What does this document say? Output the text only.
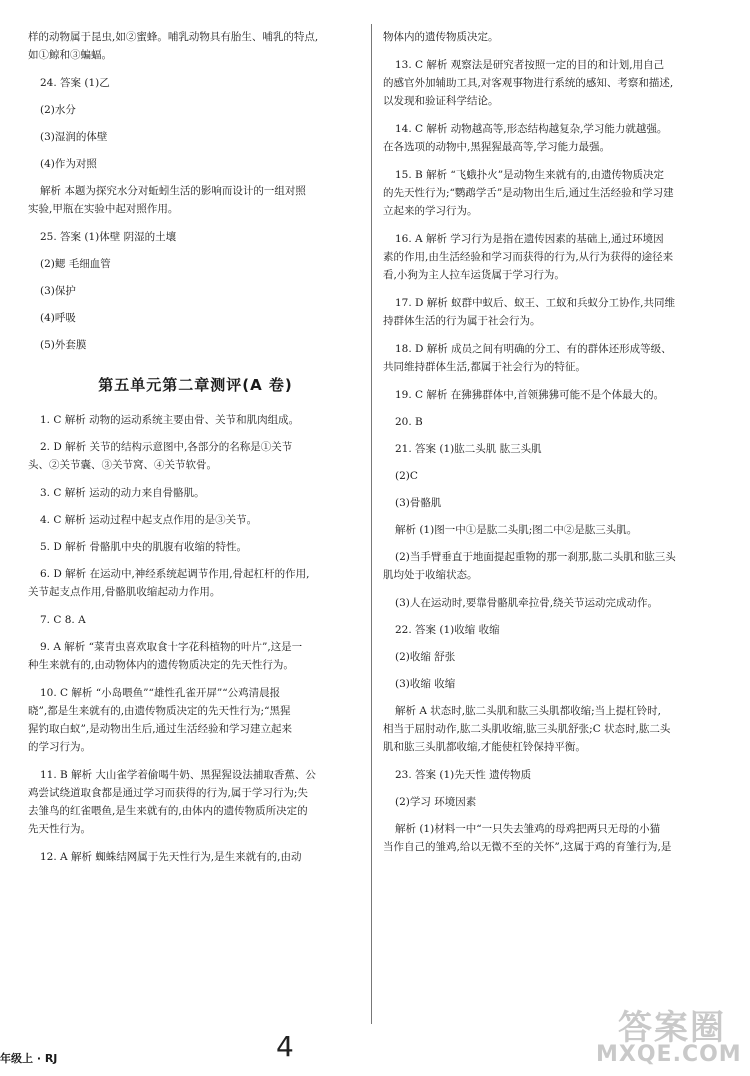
样的动物属于昆虫,如②蜜蜂。哺乳动物具有胎生、哺乳的特点,
如①鲸和③蝙蝠。
24. 答案 (1)乙
(2)水分
(3)湿润的体壁
(4)作为对照
解析 本题为探究水分对蚯蚓生活的影响而设计的一组对照
实验,甲瓶在实验中起对照作用。
25. 答案 (1)体壁 阴湿的土壤
(2)鳃 毛细血管
(3)保护
(4)呼吸
(5)外套膜
第五单元第二章测评(A 卷)
1. C 解析 动物的运动系统主要由骨、关节和肌肉组成。
2. D 解析 关节的结构示意图中,各部分的名称是①关节
头、②关节囊、③关节窝、④关节软骨。
3. C 解析 运动的动力来自骨骼肌。
4. C 解析 运动过程中起支点作用的是③关节。
5. D 解析 骨骼肌中央的肌腹有收缩的特性。
6. D 解析 在运动中,神经系统起调节作用,骨起杠杆的作用,
关节起支点作用,骨骼肌收缩起动力作用。
7. C 8. A
9. A 解析 “菜青虫喜欢取食十字花科植物的叶片”,这是一
种生来就有的,由动物体内的遗传物质决定的先天性行为。
10. C 解析 “小岛喂鱼”“雄性孔雀开屏”“公鸡清晨报
晓”,都是生来就有的,由遗传物质决定的先天性行为;“黑猩
猩钓取白蚁”,是动物出生后,通过生活经验和学习建立起来
的学习行为。
11. B 解析 大山雀学着偷喝牛奶、黑猩猩设法捕取香蕉、公
鸡尝试绕道取食都是通过学习而获得的行为,属于学习行为;失
去雏鸟的红雀喂鱼,是生来就有的,由体内的遗传物质所决定的
先天性行为。
12. A 解析 蜘蛛结网属于先天性行为,是生来就有的,由动
物体内的遗传物质决定。
13. C 解析 观察法是研究者按照一定的目的和计划,用自己
的感官外加辅助工具,对客观事物进行系统的感知、考察和描述,
以发现和验证科学结论。
14. C 解析 动物越高等,形态结构越复杂,学习能力就越强。
在各选项的动物中,黑猩猩最高等,学习能力最强。
15. B 解析 “飞蛾扑火”是动物生来就有的,由遗传物质决定
的先天性行为;“鹦鹉学舌”是动物出生后,通过生活经验和学习建
立起来的学习行为。
16. A 解析 学习行为是指在遗传因素的基础上,通过环境因
素的作用,由生活经验和学习而获得的行为,从行为获得的途径来
看,小狗为主人拉车运货属于学习行为。
17. D 解析 蚁群中蚁后、蚁王、工蚁和兵蚁分工协作,共同维
持群体生活的行为属于社会行为。
18. D 解析 成员之间有明确的分工、有的群体还形成等级、
共同维持群体生活,都属于社会行为的特征。
19. C 解析 在狒狒群体中,首领狒狒可能不是个体最大的。
20. B
21. 答案 (1)肱二头肌 肱三头肌
(2)C
(3)骨骼肌
解析 (1)图一中①是肱二头肌;图二中②是肱三头肌。
(2)当手臂垂直于地面提起重物的那一刹那,肱二头肌和肱三头
肌均处于收缩状态。
(3)人在运动时,要靠骨骼肌牵拉骨,绕关节运动完成动作。
22. 答案 (1)收缩 收缩
(2)收缩 舒张
(3)收缩 收缩
解析 A 状态时,肱二头肌和肱三头肌都收缩;当上提杠铃时,
相当于屈肘动作,肱二头肌收缩,肱三头肌舒张;C 状态时,肱二头
肌和肱三头肌都收缩,才能使杠铃保持平衡。
23. 答案 (1)先天性 遗传物质
(2)学习 环境因素
解析 (1)材料一中“一只失去雏鸡的母鸡把两只无母的小猫
当作自己的雏鸡,给以无微不至的关怀”,这属于鸡的育雏行为,是
年级上 · RJ	4	答案圈
MXQE.COM
